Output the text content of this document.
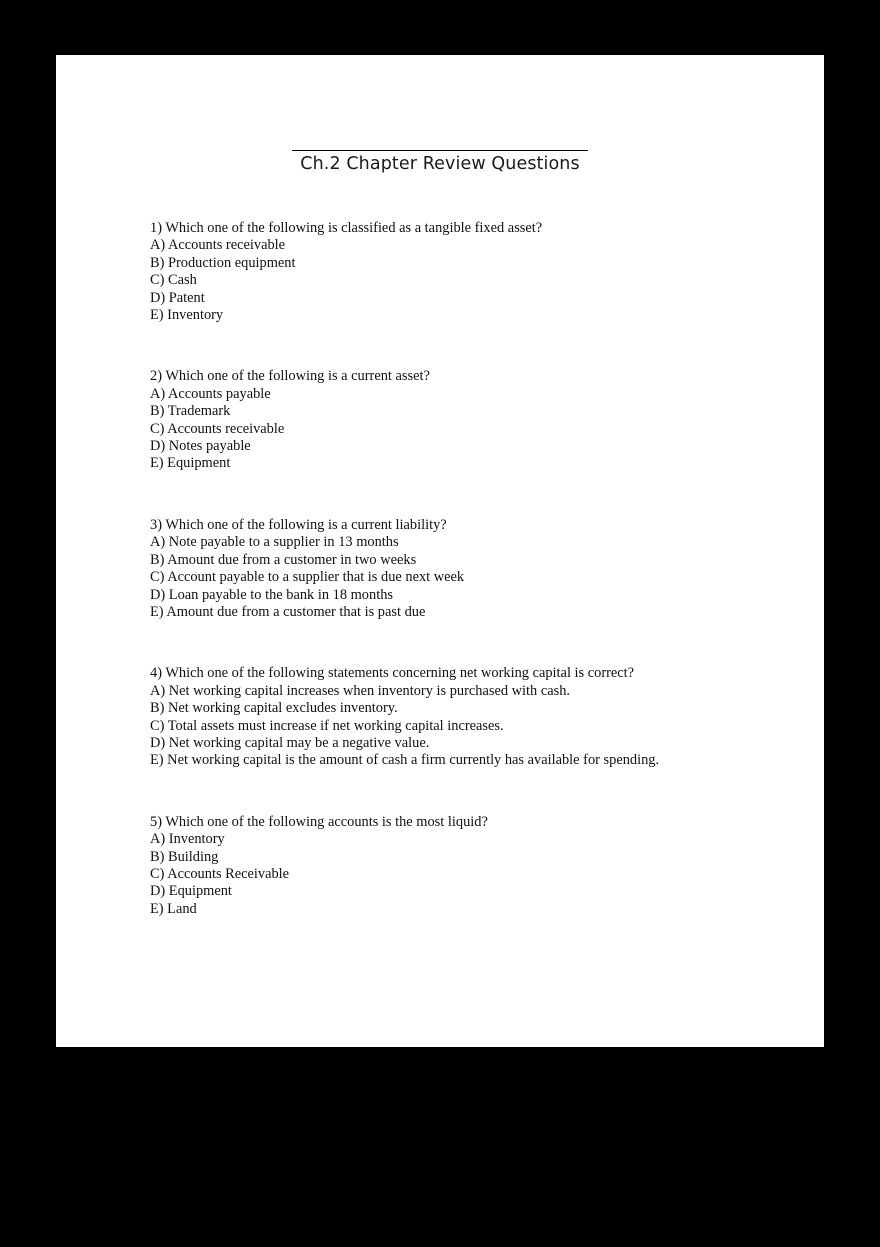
Ch.2 Chapter Review Questions
1) Which one of the following is classified as a tangible fixed asset?
A) Accounts receivable
B) Production equipment
C) Cash
D) Patent
E) Inventory
2) Which one of the following is a current asset?
A) Accounts payable
B) Trademark
C) Accounts receivable
D) Notes payable
E) Equipment
3) Which one of the following is a current liability?
A) Note payable to a supplier in 13 months
B) Amount due from a customer in two weeks
C) Account payable to a supplier that is due next week
D) Loan payable to the bank in 18 months
E) Amount due from a customer that is past due
4) Which one of the following statements concerning net working capital is correct?
A) Net working capital increases when inventory is purchased with cash.
B) Net working capital excludes inventory.
C) Total assets must increase if net working capital increases.
D) Net working capital may be a negative value.
E) Net working capital is the amount of cash a firm currently has available for spending.
5) Which one of the following accounts is the most liquid?
A) Inventory
B) Building
C) Accounts Receivable
D) Equipment
E) Land
